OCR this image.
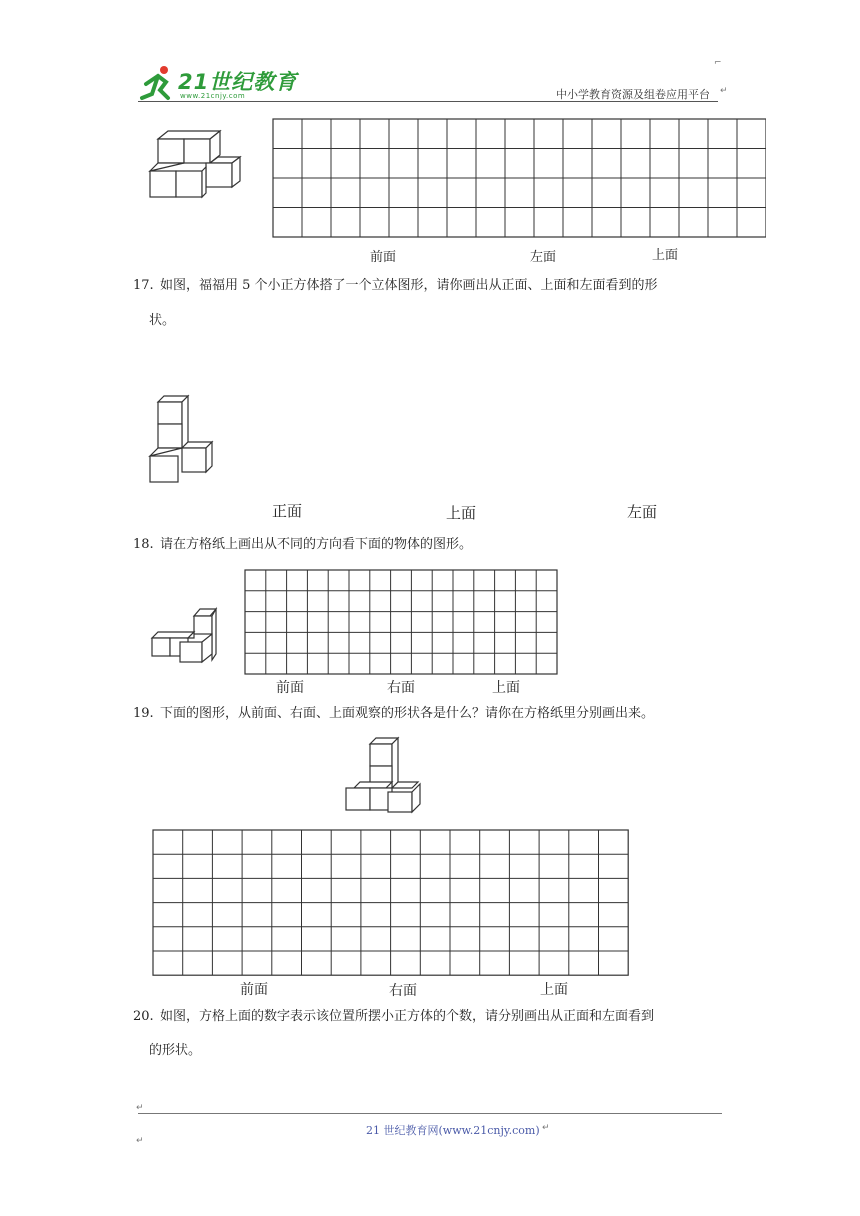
21世纪教育
www.21cnjy.com	中小学教育资源及组卷应用平台
⌐
↵
前面	左面	上面
17. 如图，福福用 5 个小正方体搭了一个立体图形，请你画出从正面、上面和左面看到的形
状。
正面	上面	左面
18. 请在方格纸上画出从不同的方向看下面的物体的图形。
前面	右面	上面
19. 下面的图形，从前面、右面、上面观察的形状各是什么？请你在方格纸里分别画出来。
前面	右面	上面
20. 如图，方格上面的数字表示该位置所摆小正方体的个数，请分别画出从正面和左面看到
的形状。
↵
21 世纪教育网(www.21cnjy.com) ↵
↵
